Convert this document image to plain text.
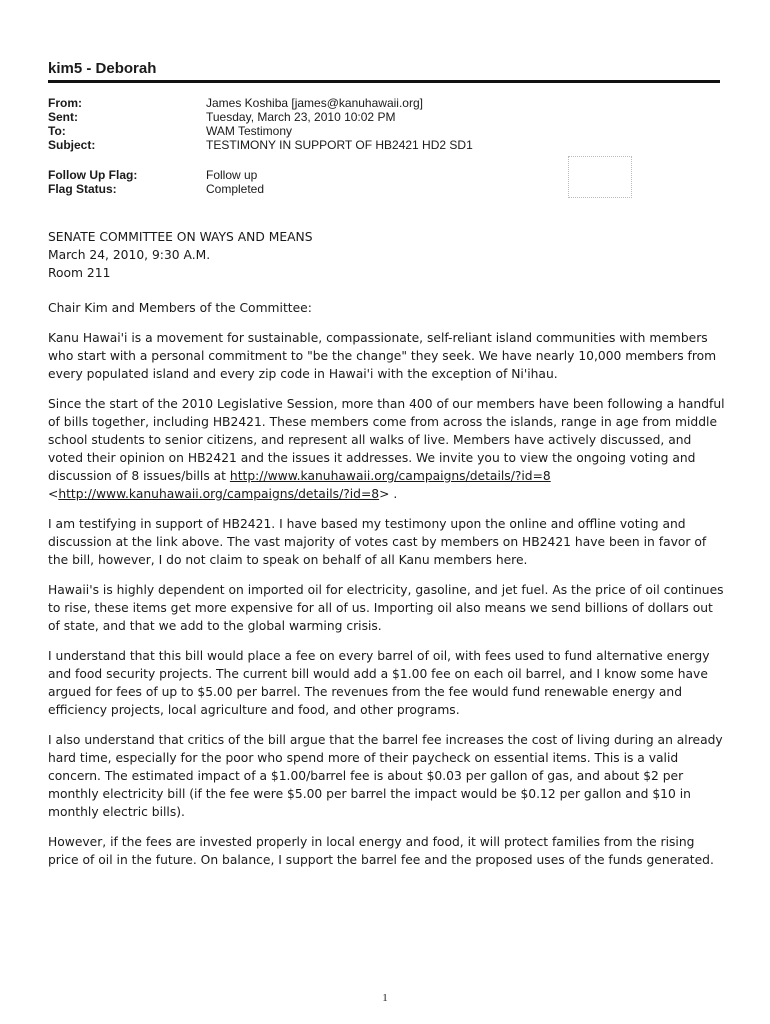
kim5 - Deborah
From:	James Koshiba [james@kanuhawaii.org]
Sent:	Tuesday, March 23, 2010 10:02 PM
To:	WAM Testimony
Subject:	TESTIMONY IN SUPPORT OF HB2421 HD2 SD1
Follow Up Flag:	Follow up
Flag Status:	Completed

SENATE COMMITTEE ON WAYS AND MEANS
March 24, 2010, 9:30 A.M.
Room 211

Chair Kim and Members of the Committee:

Kanu Hawai'i is a movement for sustainable, compassionate, self-reliant island communities with members who start with a personal commitment to "be the change" they seek. We have nearly 10,000 members from every populated island and every zip code in Hawai'i with the exception of Ni'ihau.

Since the start of the 2010 Legislative Session, more than 400 of our members have been following a handful of bills together, including HB2421. These members come from across the islands, range in age from middle school students to senior citizens, and represent all walks of live. Members have actively discussed, and voted their opinion on HB2421 and the issues it addresses. We invite you to view the ongoing voting and discussion of 8 issues/bills at http://www.kanuhawaii.org/campaigns/details/?id=8
<http://www.kanuhawaii.org/campaigns/details/?id=8> .

I am testifying in support of HB2421. I have based my testimony upon the online and offline voting and discussion at the link above. The vast majority of votes cast by members on HB2421 have been in favor of the bill, however, I do not claim to speak on behalf of all Kanu members here.

Hawaii's is highly dependent on imported oil for electricity, gasoline, and jet fuel. As the price of oil continues to rise, these items get more expensive for all of us. Importing oil also means we send billions of dollars out of state, and that we add to the global warming crisis.

I understand that this bill would place a fee on every barrel of oil, with fees used to fund alternative energy and food security projects. The current bill would add a $1.00 fee on each oil barrel, and I know some have argued for fees of up to $5.00 per barrel. The revenues from the fee would fund renewable energy and efficiency projects, local agriculture and food, and other programs.

I also understand that critics of the bill argue that the barrel fee increases the cost of living during an already hard time, especially for the poor who spend more of their paycheck on essential items. This is a valid concern. The estimated impact of a $1.00/barrel fee is about $0.03 per gallon of gas, and about $2 per monthly electricity bill (if the fee were $5.00 per barrel the impact would be $0.12 per gallon and $10 in monthly electric bills).

However, if the fees are invested properly in local energy and food, it will protect families from the rising price of oil in the future. On balance, I support the barrel fee and the proposed uses of the funds generated.

1
